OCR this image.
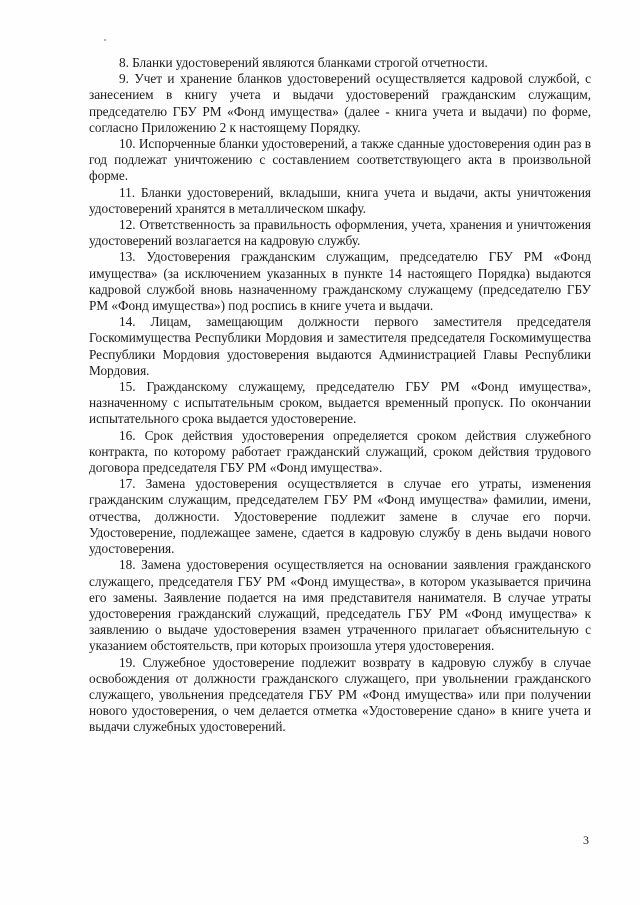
8. Бланки удостоверений являются бланками строгой отчетности.

9. Учет и хранение бланков удостоверений осуществляется кадровой службой, с занесением в книгу учета и выдачи удостоверений гражданским служащим, председателю ГБУ РМ «Фонд имущества» (далее - книга учета и выдачи) по форме, согласно Приложению 2 к настоящему Порядку.

10. Испорченные бланки удостоверений, а также сданные удостоверения один раз в год подлежат уничтожению с составлением соответствующего акта в произвольной форме.

11. Бланки удостоверений, вкладыши, книга учета и выдачи, акты уничтожения удостоверений хранятся в металлическом шкафу.

12. Ответственность за правильность оформления, учета, хранения и уничтожения удостоверений возлагается на кадровую службу.

13. Удостоверения гражданским служащим, председателю ГБУ РМ «Фонд имущества» (за исключением указанных в пункте 14 настоящего Порядка) выдаются кадровой службой вновь назначенному гражданскому служащему (председателю ГБУ РМ «Фонд имущества») под роспись в книге учета и выдачи.

14. Лицам, замещающим должности первого заместителя председателя Госкомимущества Республики Мордовия и заместителя председателя Госкомимущества Республики Мордовия удостоверения выдаются Администрацией Главы Республики Мордовия.

15. Гражданскому служащему, председателю ГБУ РМ «Фонд имущества», назначенному с испытательным сроком, выдается временный пропуск. По окончании испытательного срока выдается удостоверение.

16. Срок действия удостоверения определяется сроком действия служебного контракта, по которому работает гражданский служащий, сроком действия трудового договора председателя ГБУ РМ «Фонд имущества».

17. Замена удостоверения осуществляется в случае его утраты, изменения гражданским служащим, председателем ГБУ РМ «Фонд имущества» фамилии, имени, отчества, должности. Удостоверение подлежит замене в случае его порчи. Удостоверение, подлежащее замене, сдается в кадровую службу в день выдачи нового удостоверения.

18. Замена удостоверения осуществляется на основании заявления гражданского служащего, председателя ГБУ РМ «Фонд имущества», в котором указывается причина его замены. Заявление подается на имя представителя нанимателя. В случае утраты удостоверения гражданский служащий, председатель ГБУ РМ «Фонд имущества» к заявлению о выдаче удостоверения взамен утраченного прилагает объяснительную с указанием обстоятельств, при которых произошла утеря удостоверения.

19. Служебное удостоверение подлежит возврату в кадровую службу в случае освобождения от должности гражданского служащего, при увольнении гражданского служащего, увольнения председателя ГБУ РМ «Фонд имущества» или при получении нового удостоверения, о чем делается отметка «Удостоверение сдано» в книге учета и выдачи служебных удостоверений.

3
